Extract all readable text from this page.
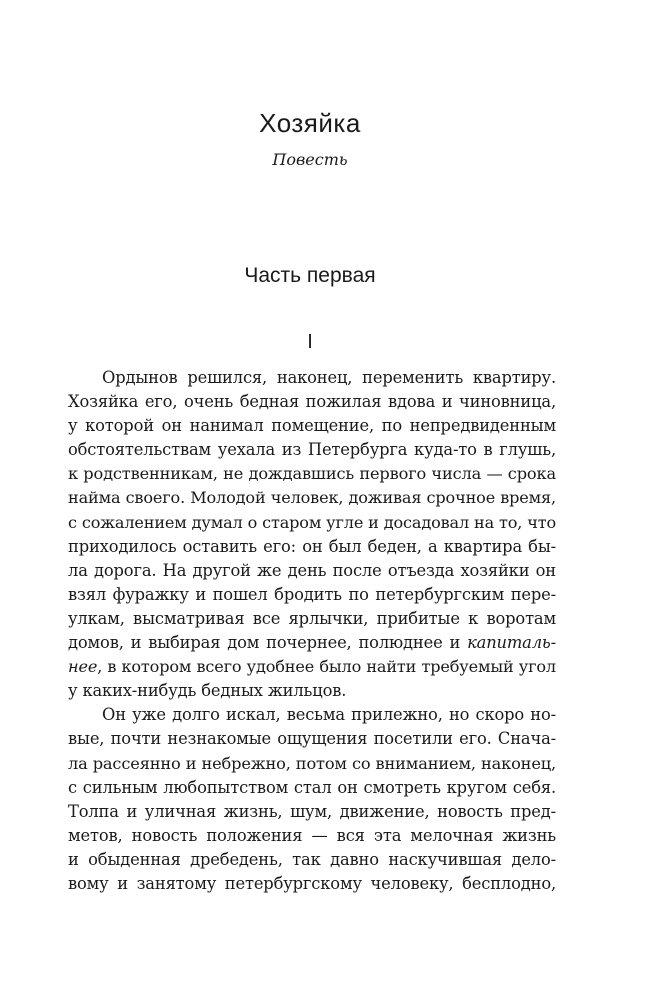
Хозяйка
Повесть
Часть первая
I
Ордынов решился, наконец, переменить квартиру.
Хозяйка его, очень бедная пожилая вдова и чиновница,
у которой он нанимал помещение, по непредвиденным
обстоятельствам уехала из Петербурга куда-то в глушь,
к родственникам, не дождавшись первого числа — срока
найма своего. Молодой человек, доживая срочное время,
с сожалением думал о старом угле и досадовал на то, что
приходилось оставить его: он был беден, а квартира бы-
ла дорога. На другой же день после отъезда хозяйки он
взял фуражку и пошел бродить по петербургским пере-
улкам, высматривая все ярлычки, прибитые к воротам
домов, и выбирая дом почернее, полюднее и капиталь-
нее, в котором всего удобнее было найти требуемый угол
у каких-нибудь бедных жильцов.
Он уже долго искал, весьма прилежно, но скоро но-
вые, почти незнакомые ощущения посетили его. Снача-
ла рассеянно и небрежно, потом со вниманием, наконец,
с сильным любопытством стал он смотреть кругом себя.
Толпа и уличная жизнь, шум, движение, новость пред-
метов, новость положения — вся эта мелочная жизнь
и обыденная дребедень, так давно наскучившая дело-
вому и занятому петербургскому человеку, бесплодно,
